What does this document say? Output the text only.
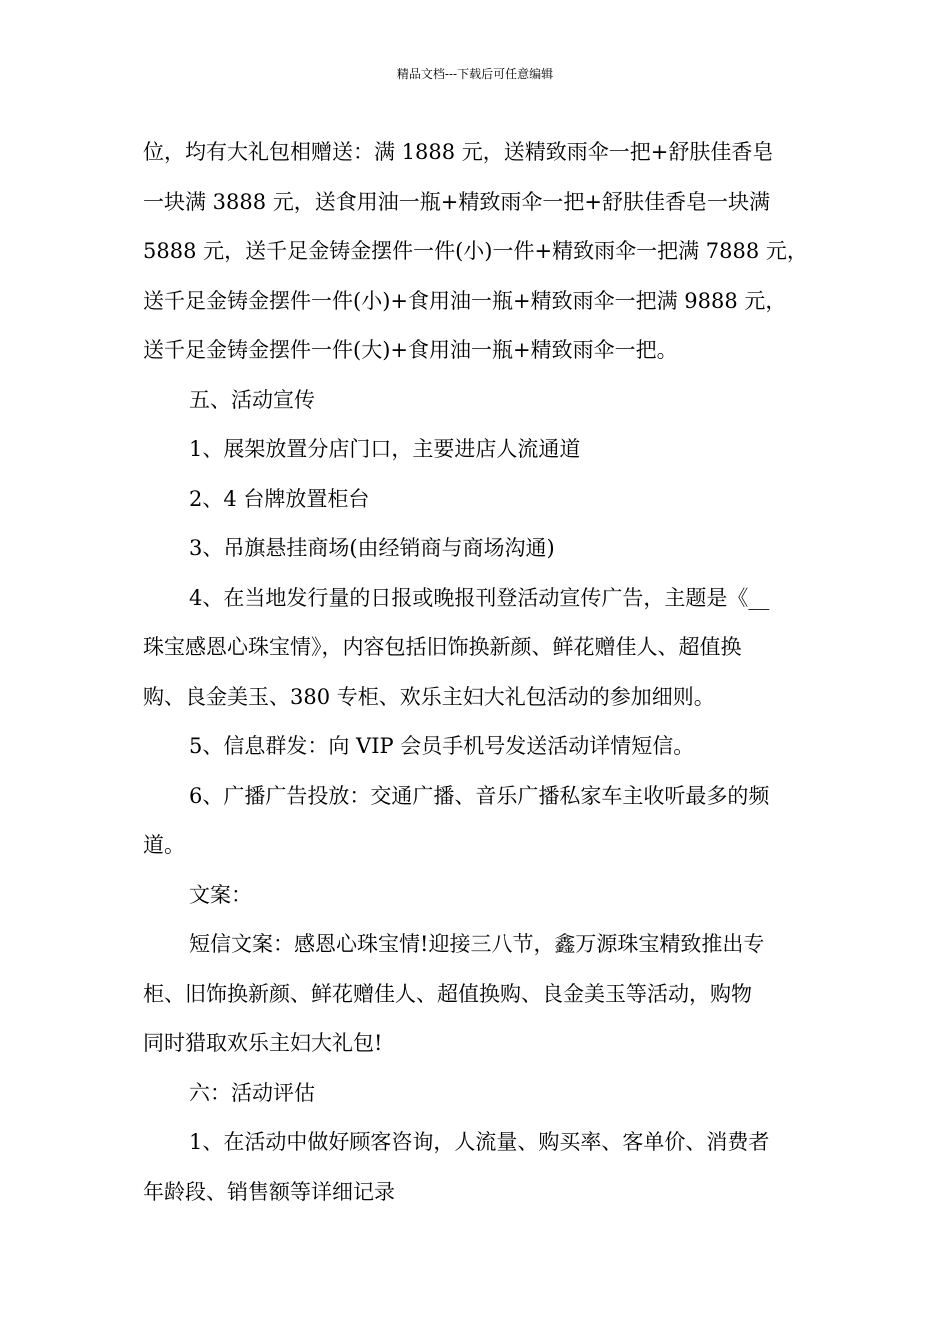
精品文档---下载后可任意编辑

位，均有大礼包相赠送：满 1888 元，送精致雨伞一把+舒肤佳香皂
一块满 3888 元，送食用油一瓶+精致雨伞一把+舒肤佳香皂一块满
5888 元，送千足金铸金摆件一件(小)一件+精致雨伞一把满 7888 元，
送千足金铸金摆件一件(小)+食用油一瓶+精致雨伞一把满 9888 元，
送千足金铸金摆件一件(大)+食用油一瓶+精致雨伞一把。

五、活动宣传

1、展架放置分店门口，主要进店人流通道

2、4 台牌放置柜台

3、吊旗悬挂商场(由经销商与商场沟通)

4、在当地发行量的日报或晚报刊登活动宣传广告，主题是《__
珠宝感恩心珠宝情》，内容包括旧饰换新颜、鲜花赠佳人、超值换
购、良金美玉、380 专柜、欢乐主妇大礼包活动的参加细则。

5、信息群发：向 VIP 会员手机号发送活动详情短信。

6、广播广告投放：交通广播、音乐广播私家车主收听最多的频
道。

文案：

短信文案：感恩心珠宝情!迎接三八节，鑫万源珠宝精致推出专
柜、旧饰换新颜、鲜花赠佳人、超值换购、良金美玉等活动，购物
同时猎取欢乐主妇大礼包!

六：活动评估

1、在活动中做好顾客咨询，人流量、购买率、客单价、消费者
年龄段、销售额等详细记录
